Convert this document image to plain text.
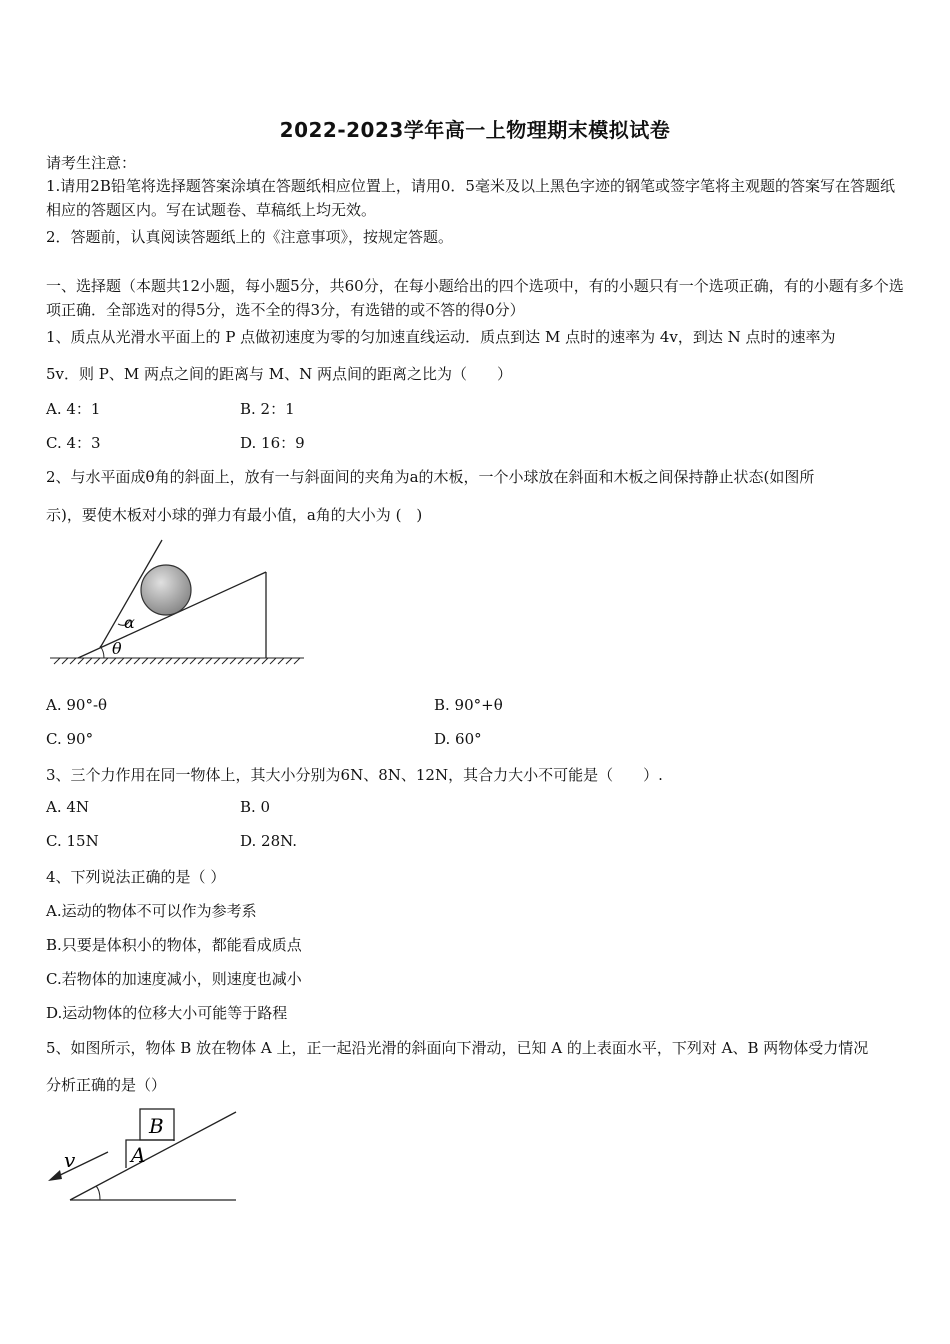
2022-2023学年高一上物理期末模拟试卷
请考生注意：
1.请用2B铅笔将选择题答案涂填在答题纸相应位置上，请用0．5毫米及以上黑色字迹的钢笔或签字笔将主观题的答案写在答题纸相应的答题区内。写在试题卷、草稿纸上均无效。
2．答题前，认真阅读答题纸上的《注意事项》，按规定答题。
一、选择题（本题共12小题，每小题5分，共60分，在每小题给出的四个选项中，有的小题只有一个选项正确，有的小题有多个选项正确．全部选对的得5分，选不全的得3分，有选错的或不答的得0分）
1、质点从光滑水平面上的 P 点做初速度为零的匀加速直线运动．质点到达 M 点时的速率为 4v，到达 N 点时的速率为
5v．则 P、M 两点之间的距离与 M、N 两点间的距离之比为（　　）
A. 4：1	B. 2：1
C. 4：3	D. 16：9
2、与水平面成θ角的斜面上，放有一与斜面间的夹角为a的木板，一个小球放在斜面和木板之间保持静止状态(如图所
示)，要使木板对小球的弹力有最小值，a角的大小为 (　)
α
θ
A. 90°-θ	B. 90°+θ
C. 90°	D. 60°
3、三个力作用在同一物体上，其大小分别为6N、8N、12N，其合力大小不可能是（　　）.
A. 4N	B. 0
C. 15N	D. 28N.
4、下列说法正确的是（ ）
A.运动的物体不可以作为参考系
B.只要是体积小的物体，都能看成质点
C.若物体的加速度减小，则速度也减小
D.运动物体的位移大小可能等于路程
5、如图所示，物体 B 放在物体 A 上，正一起沿光滑的斜面向下滑动，已知 A 的上表面水平，下列对 A、B 两物体受力情况
分析正确的是（）
B
A
v
